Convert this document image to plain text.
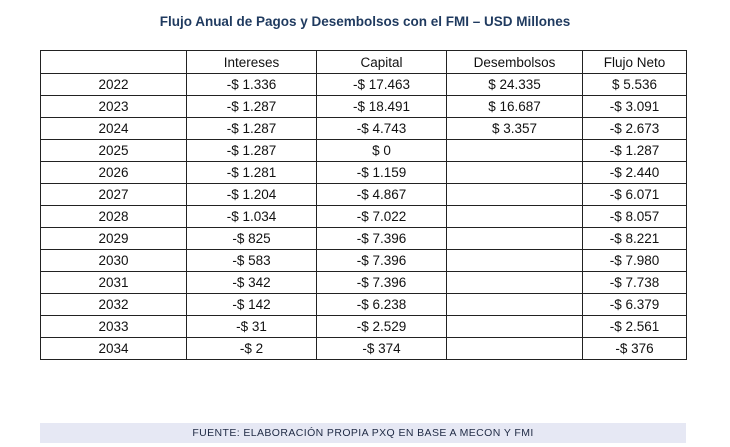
Flujo Anual de Pagos y Desembolsos con el FMI – USD Millones
	Intereses	Capital	Desembolsos	Flujo Neto
2022	-$ 1.336	-$ 17.463	$ 24.335	$ 5.536
2023	-$ 1.287	-$ 18.491	$ 16.687	-$ 3.091
2024	-$ 1.287	-$ 4.743	$ 3.357	-$ 2.673
2025	-$ 1.287	$ 0		-$ 1.287
2026	-$ 1.281	-$ 1.159		-$ 2.440
2027	-$ 1.204	-$ 4.867		-$ 6.071
2028	-$ 1.034	-$ 7.022		-$ 8.057
2029	-$ 825	-$ 7.396		-$ 8.221
2030	-$ 583	-$ 7.396		-$ 7.980
2031	-$ 342	-$ 7.396		-$ 7.738
2032	-$ 142	-$ 6.238		-$ 6.379
2033	-$ 31	-$ 2.529		-$ 2.561
2034	-$ 2	-$ 374		-$ 376
FUENTE: ELABORACIÓN PROPIA PXQ EN BASE A MECON Y FMI
